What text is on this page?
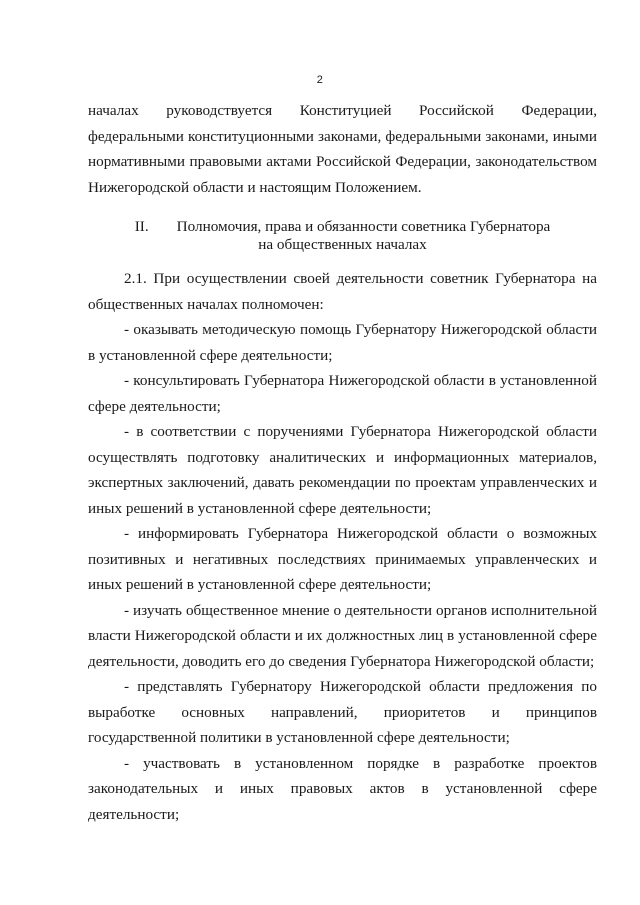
2

началах руководствуется Конституцией Российской Федерации, федеральными конституционными законами, федеральными законами, иными нормативными правовыми актами Российской Федерации, законодательством Нижегородской области и настоящим Положением.

II. Полномочия, права и обязанности советника Губернатора
на общественных началах

2.1. При осуществлении своей деятельности советник Губернатора на общественных началах полномочен:

- оказывать методическую помощь Губернатору Нижегородской области в установленной сфере деятельности;

- консультировать Губернатора Нижегородской области в установленной сфере деятельности;

- в соответствии с поручениями Губернатора Нижегородской области осуществлять подготовку аналитических и информационных материалов, экспертных заключений, давать рекомендации по проектам управленческих и иных решений в установленной сфере деятельности;

- информировать Губернатора Нижегородской области о возможных позитивных и негативных последствиях принимаемых управленческих и иных решений в установленной сфере деятельности;

- изучать общественное мнение о деятельности органов исполнительной власти Нижегородской области и их должностных лиц в установленной сфере деятельности, доводить его до сведения Губернатора Нижегородской области;

- представлять Губернатору Нижегородской области предложения по выработке основных направлений, приоритетов и принципов государственной политики в установленной сфере деятельности;

- участвовать в установленном порядке в разработке проектов законодательных и иных правовых актов в установленной сфере деятельности;
